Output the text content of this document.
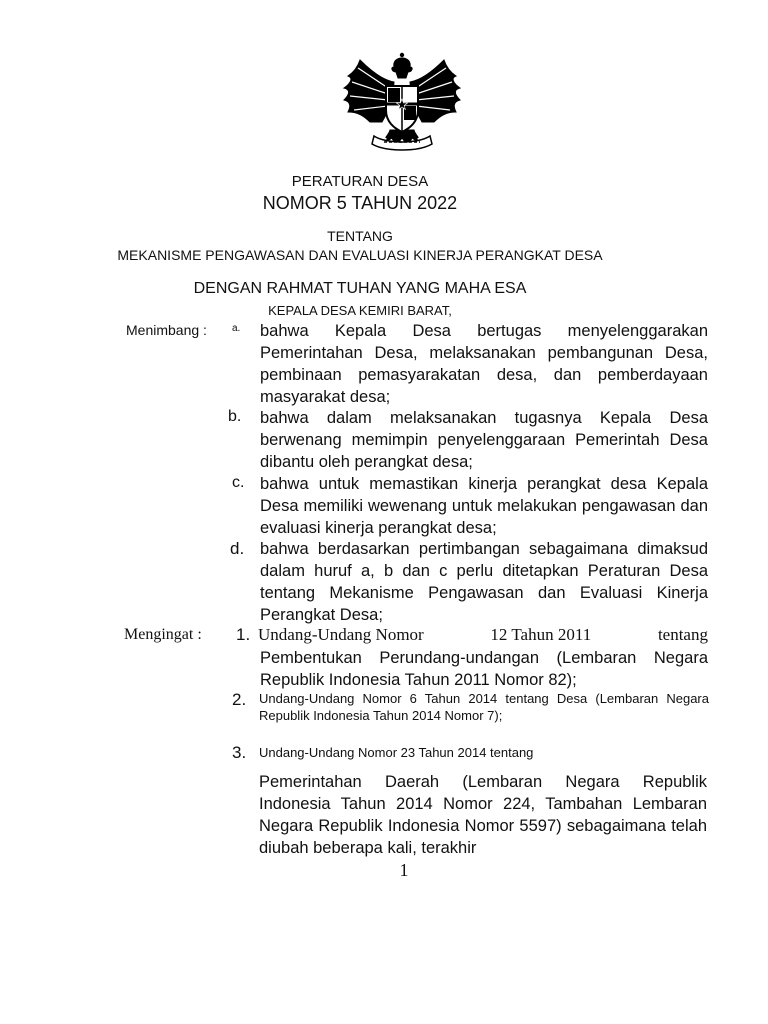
PERATURAN DESA
NOMOR 5 TAHUN 2022
TENTANG
MEKANISME PENGAWASAN DAN EVALUASI KINERJA PERANGKAT DESA
DENGAN RAHMAT TUHAN YANG MAHA ESA
KEPALA DESA KEMIRI BARAT,
Menimbang :	a. bahwa Kepala Desa bertugas menyelenggarakan Pemerintahan Desa, melaksanakan pembangunan Desa, pembinaan pemasyarakatan desa, dan pemberdayaan masyarakat desa;
b. bahwa dalam melaksanakan tugasnya Kepala Desa berwenang memimpin penyelenggaraan Pemerintah Desa dibantu oleh perangkat desa;
c. bahwa untuk memastikan kinerja perangkat desa Kepala Desa memiliki wewenang untuk melakukan pengawasan dan evaluasi kinerja perangkat desa;
d. bahwa berdasarkan pertimbangan sebagaimana dimaksud dalam huruf a, b dan c perlu ditetapkan Peraturan Desa tentang Mekanisme Pengawasan dan Evaluasi Kinerja Perangkat Desa;
Mengingat : 1. Undang-Undang Nomor	12 Tahun 2011	tentang
Pembentukan Perundang-undangan (Lembaran Negara Republik Indonesia Tahun 2011 Nomor 82);
2. Undang-Undang Nomor 6 Tahun 2014 tentang Desa (Lembaran Negara Republik Indonesia Tahun 2014 Nomor 7);
3. Undang-Undang Nomor 23 Tahun 2014 tentang
Pemerintahan Daerah (Lembaran Negara Republik Indonesia Tahun 2014 Nomor 224, Tambahan Lembaran Negara Republik Indonesia Nomor 5597) sebagaimana telah diubah beberapa kali, terakhir
1
